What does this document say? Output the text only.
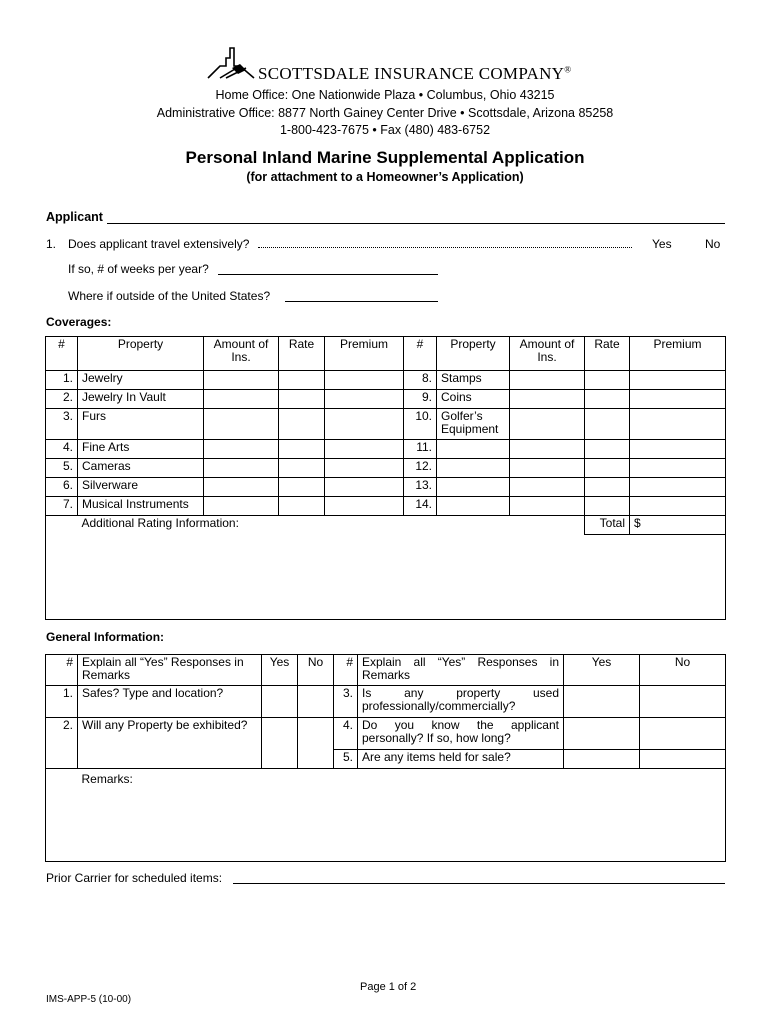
SCOTTSDALE INSURANCE COMPANY®
Home Office: One Nationwide Plaza • Columbus, Ohio 43215
Administrative Office: 8877 North Gainey Center Drive • Scottsdale, Arizona 85258
1-800-423-7675 • Fax (480) 483-6752
Personal Inland Marine Supplemental Application
(for attachment to a Homeowner’s Application)
Applicant
1. Does applicant travel extensively?	Yes	No
If so, # of weeks per year?
Where if outside of the United States?
Coverages:
#	Property	Amount of Ins.	Rate	Premium	#	Property	Amount of Ins.	Rate	Premium
1.	Jewelry				8.	Stamps			
2.	Jewelry In Vault				9.	Coins			
3.	Furs				10.	Golfer’s Equipment			
4.	Fine Arts				11.				
5.	Cameras				12.				
6.	Silverware				13.				
7.	Musical Instruments				14.				
	Additional Rating Information:							Total	$

General Information:
#	Explain all “Yes” Responses in Remarks	Yes	No	#	Explain all “Yes” Responses in Remarks	Yes	No
1.	Safes? Type and location?			3.	Is any property used professionally/commercially?		
2.	Will any Property be exhibited?			4.	Do you know the applicant personally? If so, how long?		
				5.	Are any items held for sale?		
	Remarks:						
Prior Carrier for scheduled items:
Page 1 of 2
IMS-APP-5 (10-00)
